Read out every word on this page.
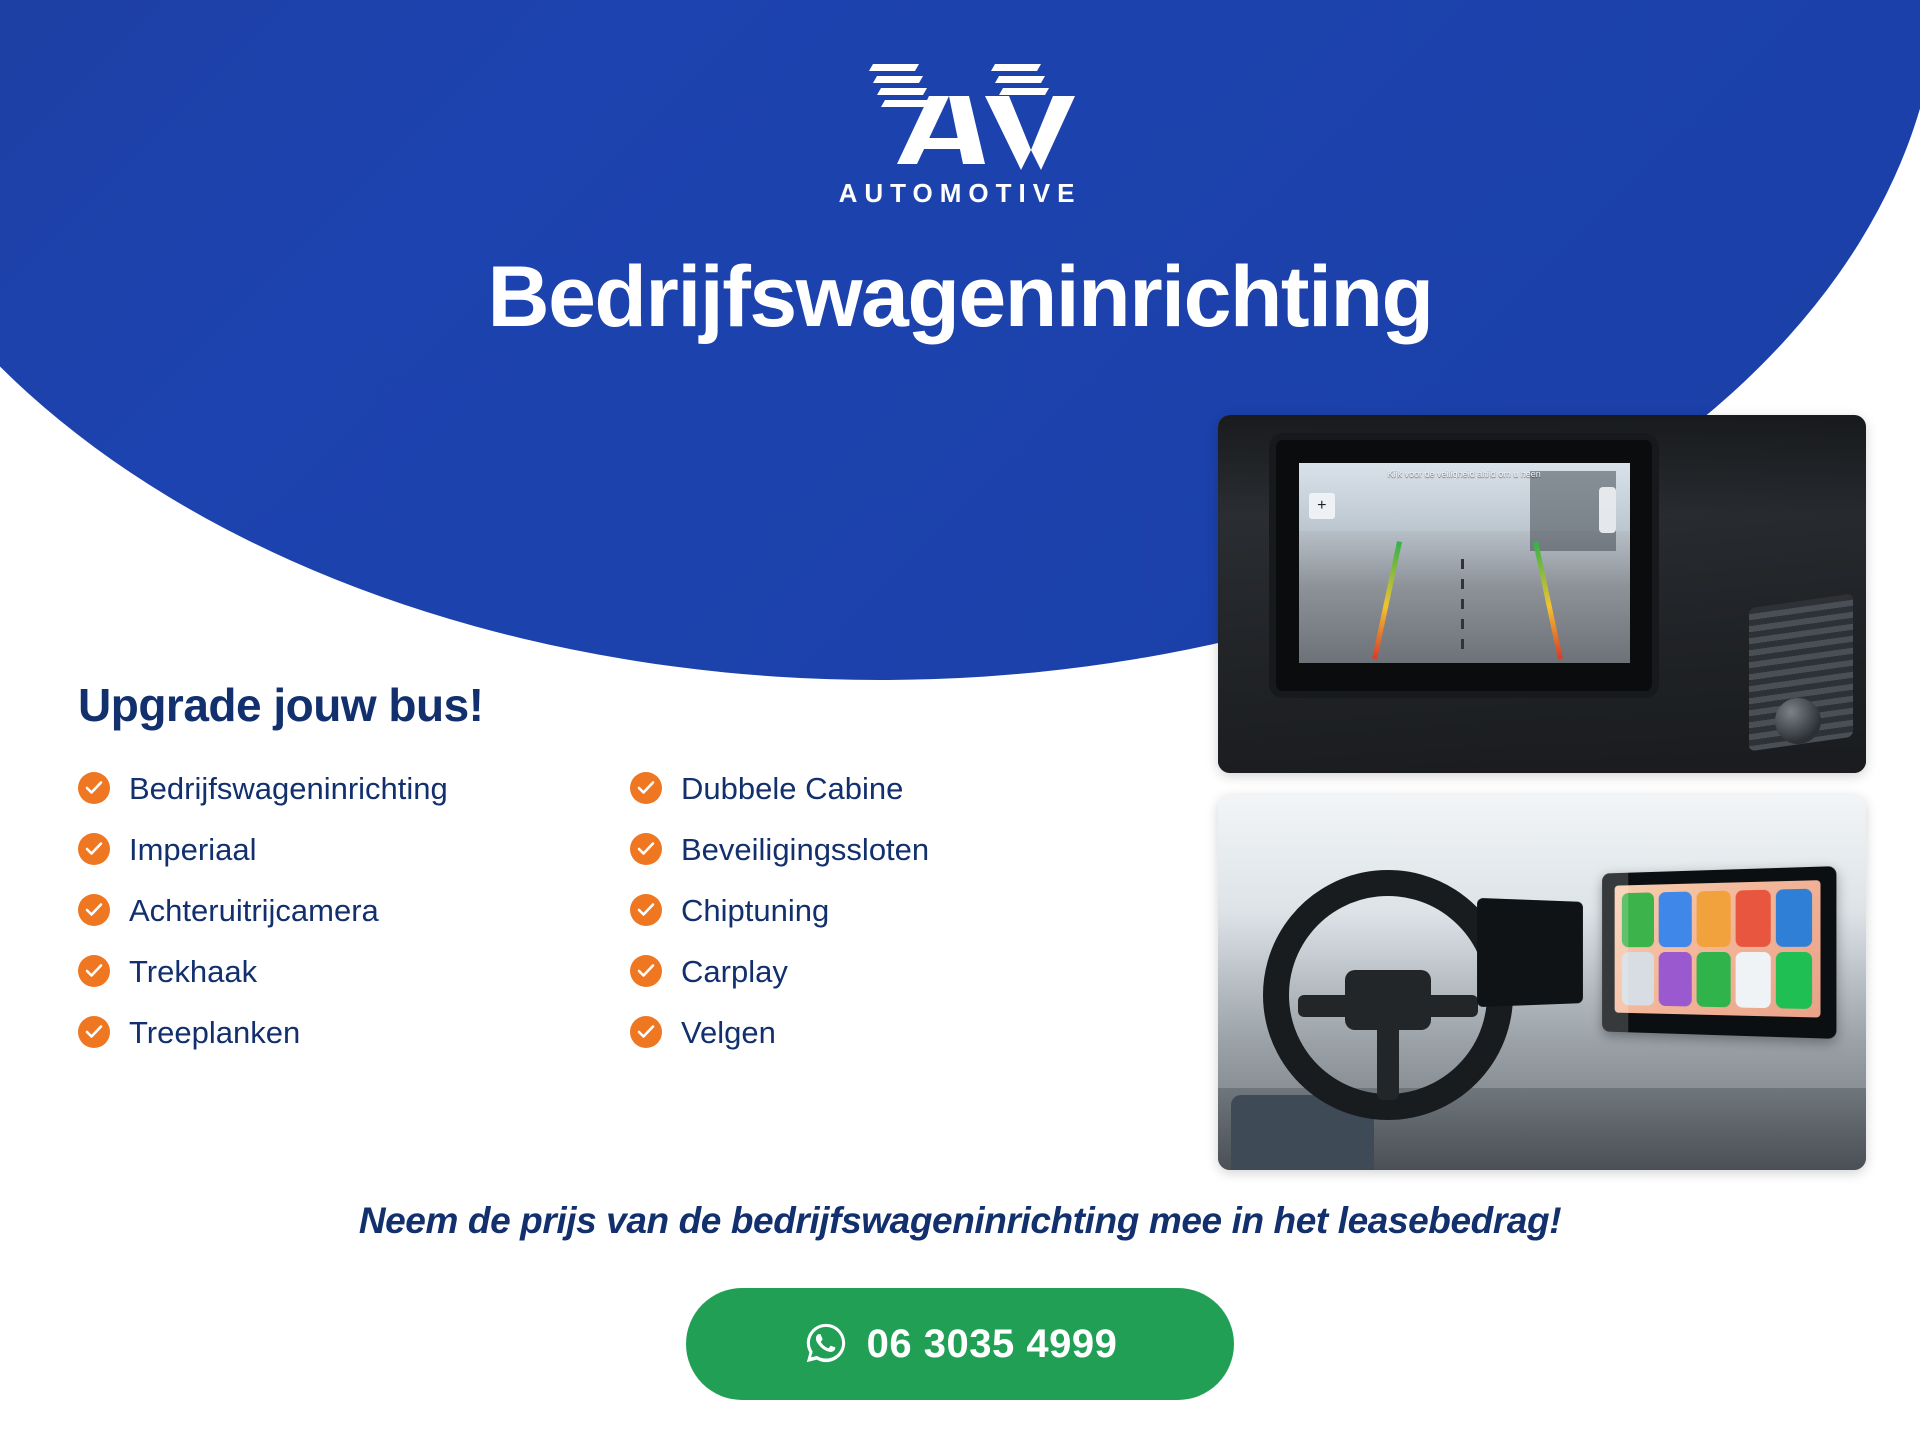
AUTOMOTIVE
Bedrijfswageninrichting
Upgrade jouw bus!
Bedrijfswageninrichting
Imperiaal
Achteruitrijcamera
Trekhaak
Treeplanken
Dubbele Cabine
Beveiligingssloten
Chiptuning
Carplay
Velgen
Kijk voor de veiligheid altijd om u heen
+
Neem de prijs van de bedrijfswageninrichting mee in het leasebedrag!
06 3035 4999
